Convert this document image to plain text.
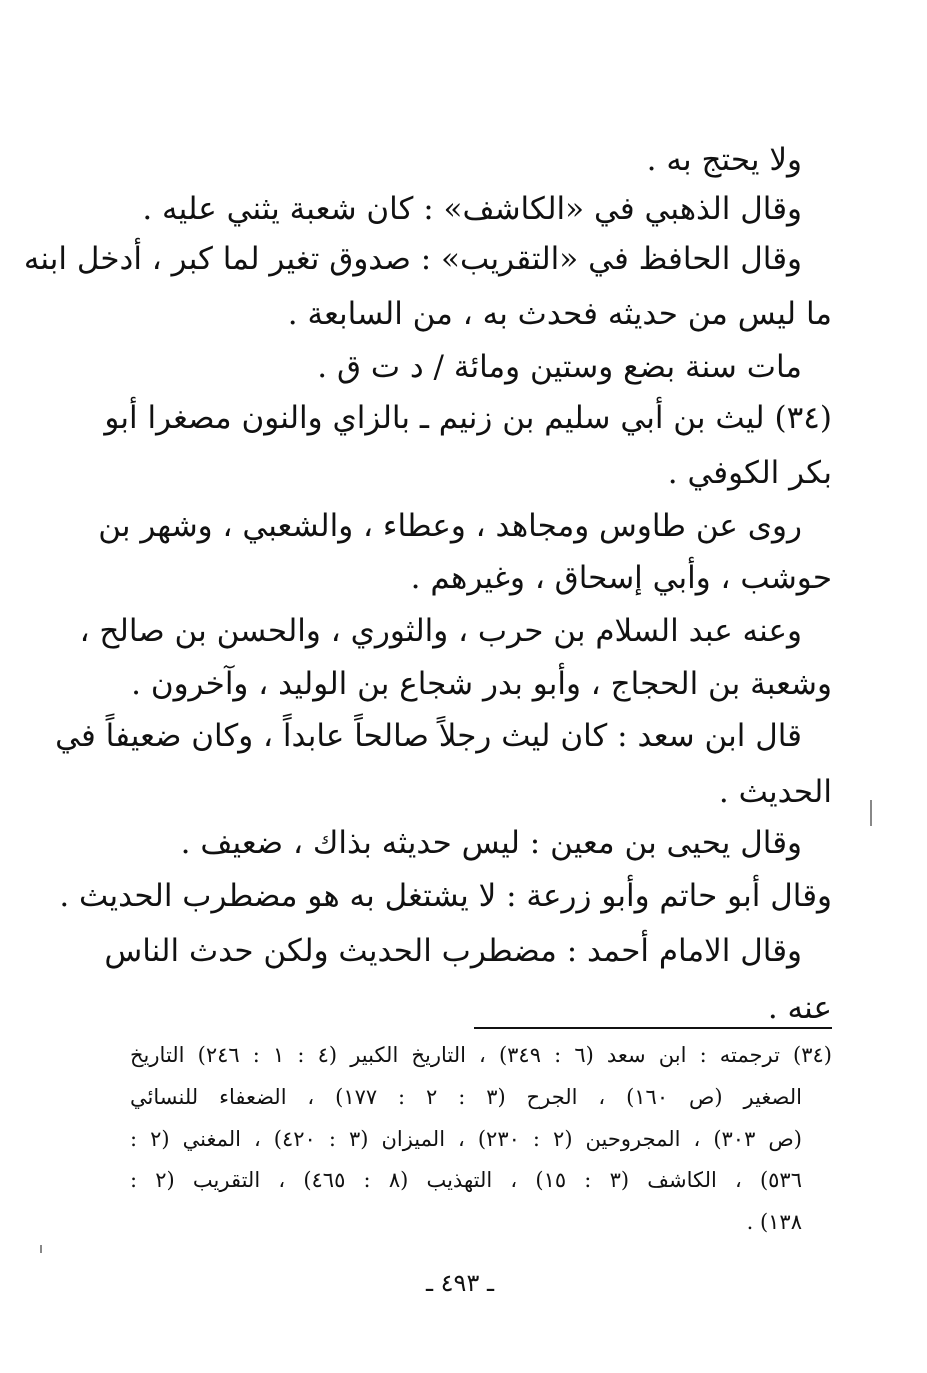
ولا يحتج به .
وقال الذهبي في «الكاشف» : كان شعبة يثني عليه .
وقال الحافظ في «التقريب» : صدوق تغير لما كبر ، أدخل ابنه
ما ليس من حديثه فحدث به ، من السابعة .
مات سنة بضع وستين ومائة / د ت ق .
(٣٤) ليث بن أبي سليم بن زنيم ـ بالزاي والنون مصغرا أبو
بكر الكوفي .
روى عن طاوس ومجاهد ، وعطاء ، والشعبي ، وشهر بن
حوشب ، وأبي إسحاق ، وغيرهم .
وعنه عبد السلام بن حرب ، والثوري ، والحسن بن صالح ،
وشعبة بن الحجاج ، وأبو بدر شجاع بن الوليد ، وآخرون .
قال ابن سعد : كان ليث رجلاً صالحاً عابداً ، وكان ضعيفاً في
الحديث .
وقال يحيى بن معين : ليس حديثه بذاك ، ضعيف .
وقال أبو حاتم وأبو زرعة : لا يشتغل به هو مضطرب الحديث .
وقال الامام أحمد : مضطرب الحديث ولكن حدث الناس
عنه .
(٣٤) ترجمته : ابن سعد (٦ : ٣٤٩) ، التاريخ الكبير (٤ : ١ : ٢٤٦) التاريخ
الصغير (ص ١٦٠) ، الجرح (٣ : ٢ : ١٧٧) ، الضعفاء للنسائي
(ص ٣٠٣) ، المجروحين (٢ : ٢٣٠) ، الميزان (٣ : ٤٢٠) ، المغني (٢ :
٥٣٦) ، الكاشف (٣ : ١٥) ، التهذيب (٨ : ٤٦٥) ، التقريب (٢ :
١٣٨) .
ـ ٤٩٣ ـ
